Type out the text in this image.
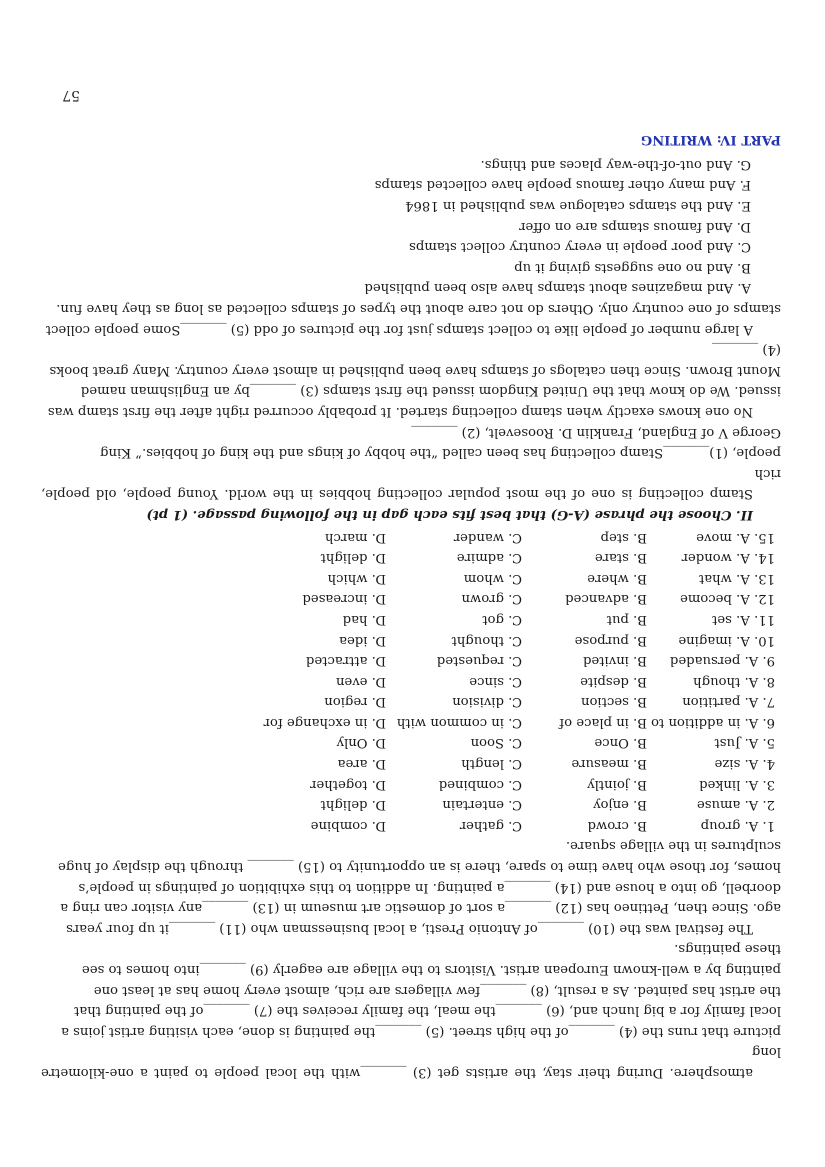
atmosphere. During their stay, the artists get (3) _______with the local people to paint a one-kilometre long

picture that runs the (4) _______of the high street. (5) _______the painting is done, each visiting artist joins a

local family for a big lunch and, (6) _______the meal, the family receives the (7) _______of the painting that

the artist has painted. As a result, (8) _______few villagers are rich, almost every home has at least one

painting by a well-known European artist. Visitors to the village are eagerly (9) _______into homes to see

these paintings.

The festival was the (10) _______of Antonio Presti, a local businessman who (11) _______it up four years

ago. Since then, Pettineo has (12) _______a sort of domestic art museum in (13) _______any visitor can ring a

doorbell, go into a house and (14) _______a painting. In addition to this exhibition of paintings in people’s

homes, for those who have time to spare, there is an opportunity to (15) _______ through the display of huge

sculptures in the village square.

1. A. group
B. crowd
C. gather
D. combine
2. A. amuse
B. enjoy
C. entertain
D. delight
3. A. linked
B. jointly
C. combined
D. together
4. A. size
B. measure
C. length
D. area
5. A. Just
B. Once
C. Soon
D. Only
6. A. in addition to
B. in place of
C. in common with
D. in exchange for
7. A. partition
B. section
C. division
D. region
8. A. though
B. despite
C. since
D. even
9. A. persuaded
B. invited
C. requested
D. attracted
10. A. imagine
B. purpose
C. thought
D. idea
11. A. set
B. put
C. got
D. had
12. A. become
B. advanced
C. grown
D. increased
13. A. what
B. where
C. whom
D. which
14. A. wonder
B. stare
C. admire
D. delight
15. A. move
B. step
C. wander
D. march

II. Choose the phrase (A-G) that best fits each gap in the following passage. (1 pt)

Stamp collecting is one of the most popular collecting hobbies in the world. Young people, old people, rich

people, (1)_______Stamp collecting has been called “the hobby of kings and the king of hobbies.” King

George V of England, Franklin D. Roosevelt, (2) _______

No one knows exactly when stamp collecting started. It probably occurred right after the first stamp was

issued. We do know that the United Kingdom issued the first stamps (3) _______by an Englishman named

Mount Brown. Since then catalogs of stamps have been published in almost every country. Many great books

(4) _______

A large number of people like to collect stamps just for the pictures of odd (5) _______Some people collect

stamps of one country only. Others do not care about the types of stamps collected as long as they have fun.

A. And magazines about stamps have also been published

B. And no one suggests giving it up

C. And poor people in every country collect stamps

D. And famous stamps are on offer

E. And the stamps catalogue was published in 1864

F. And many other famous people have collected stamps

G. And out-of-the-way places and things.

PART IV: WRITING

57
